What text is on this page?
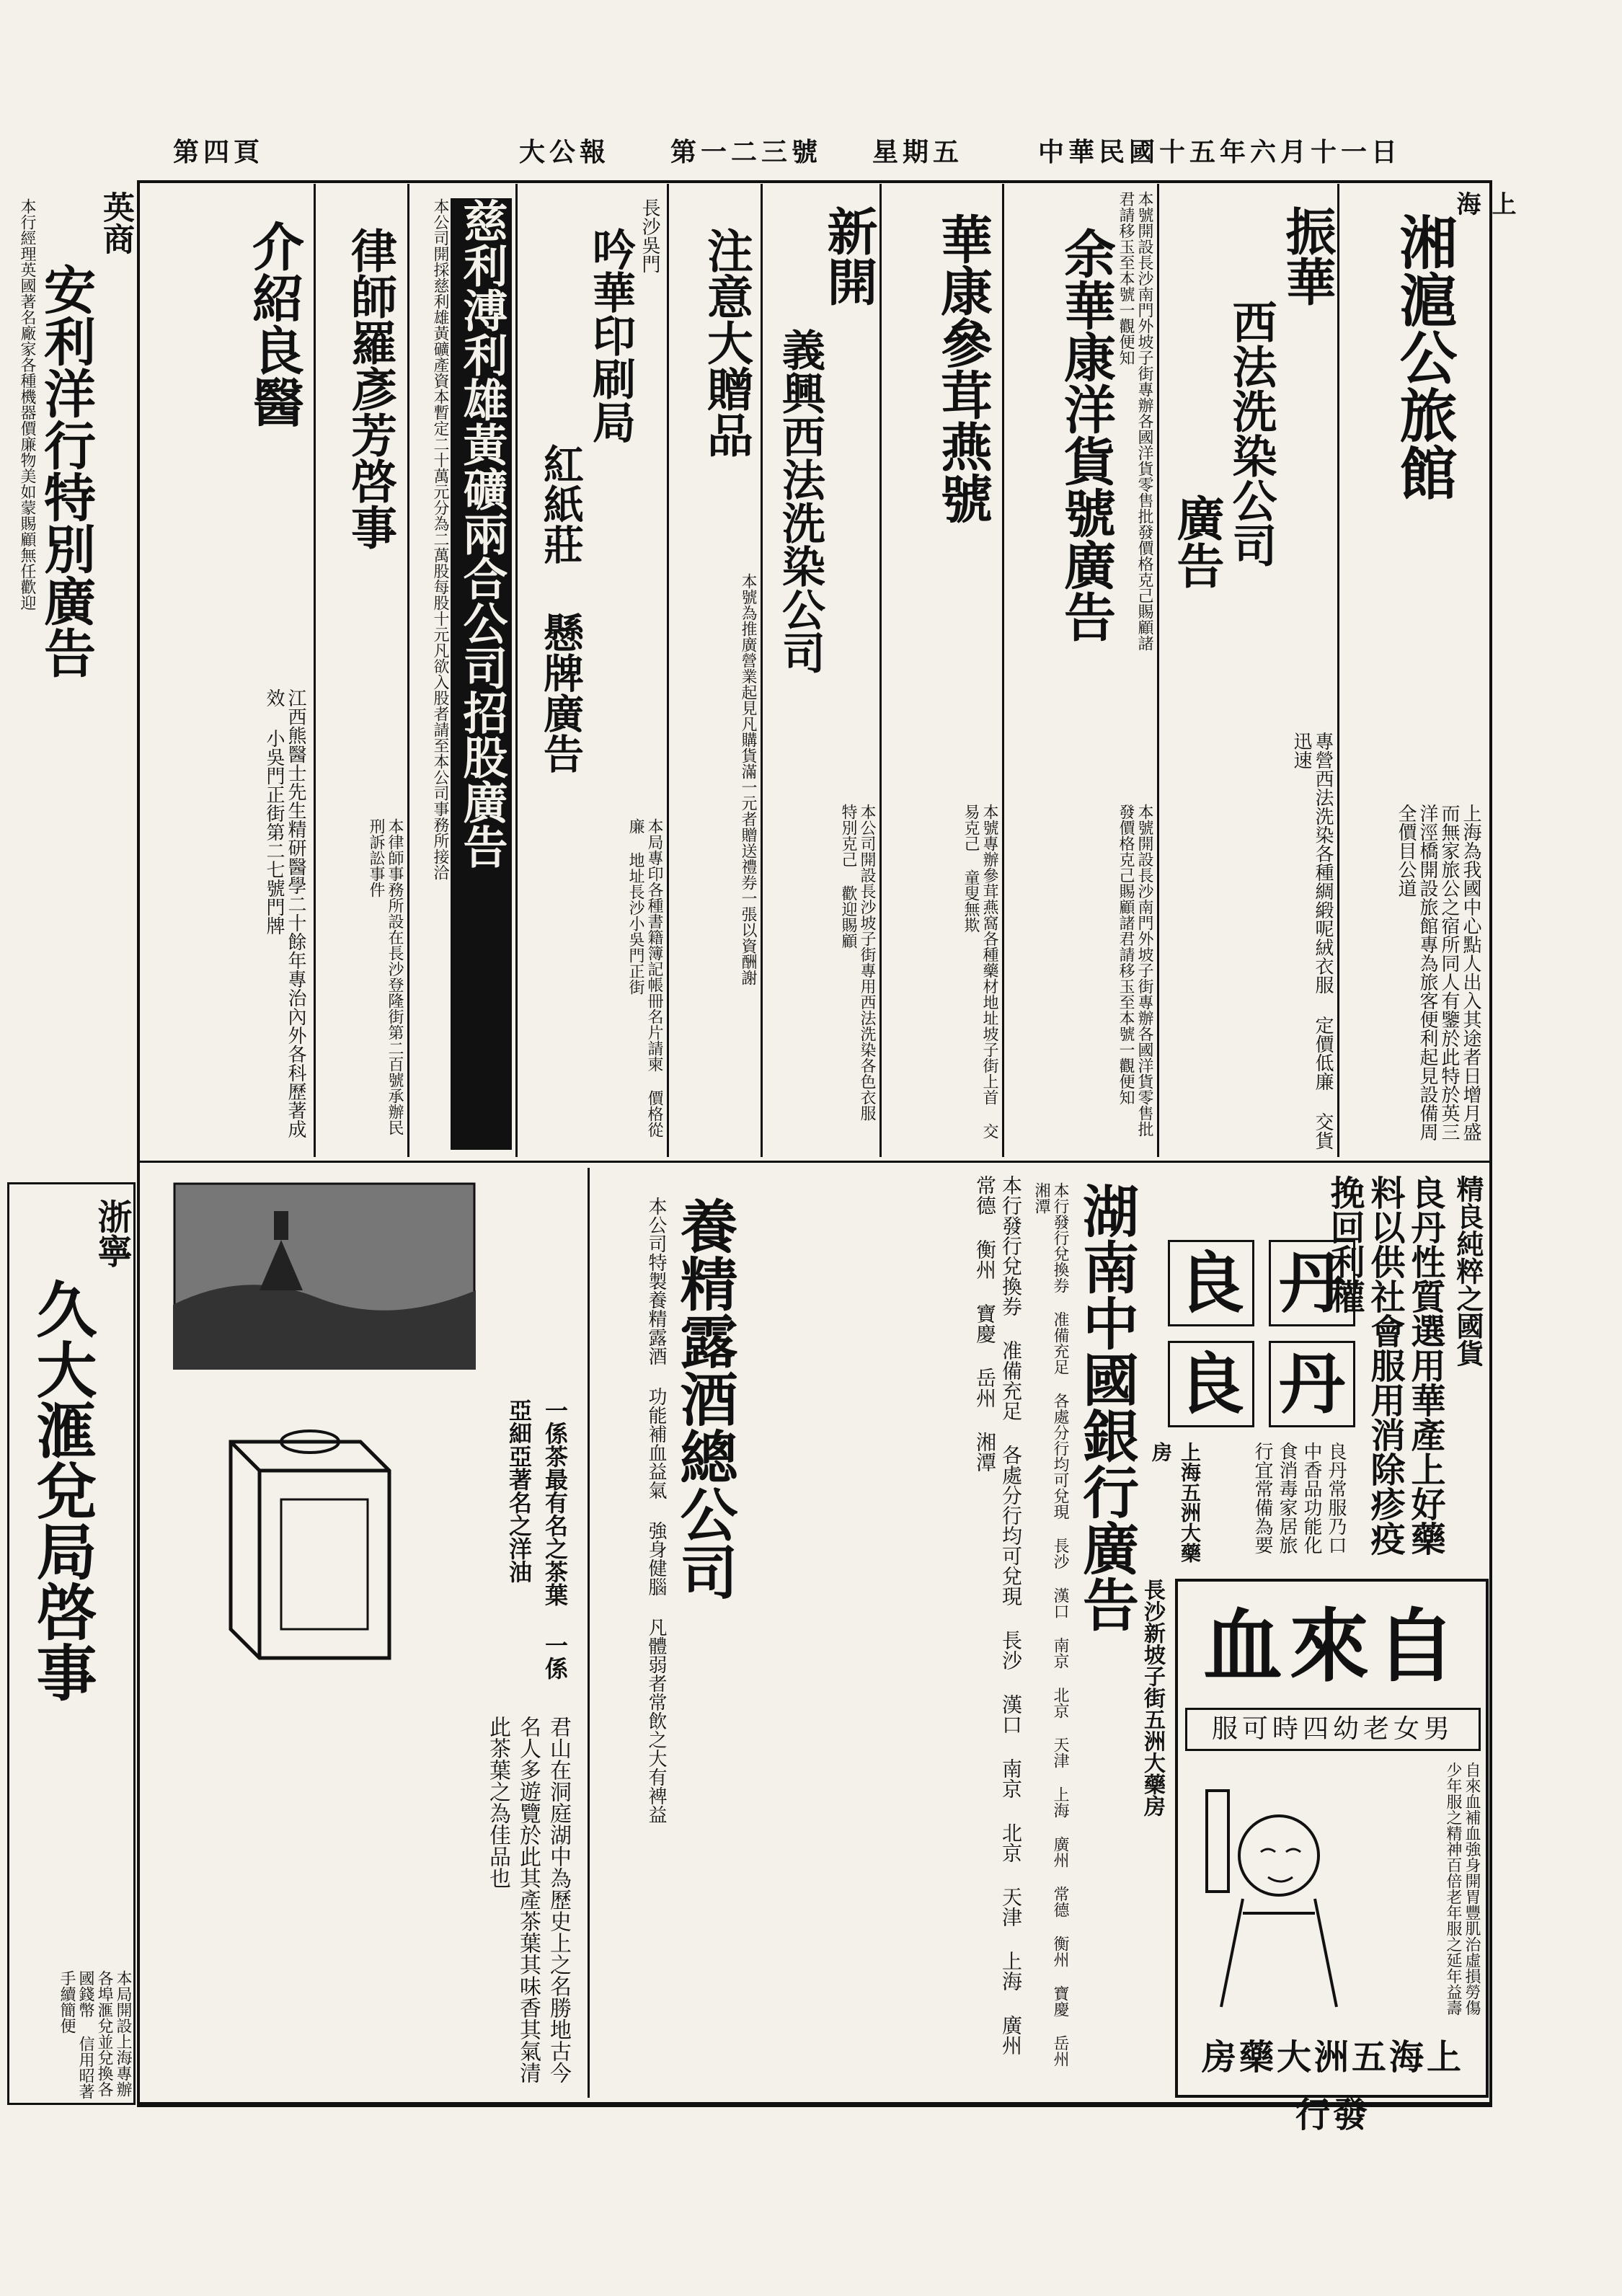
中華民國十五年六月十一日
星期五
大公報 第一二三號
第四頁
上海
湘滬公旅館
上海為我國中心點人出入其途者日增月盛而無家旅公之宿所同人有鑒於此特於英三洋涇橋開設旅館專為旅客便利起見設備周全價目公道
振華
西法洗染公司
廣告
專營西法洗染各種綢緞呢絨衣服 定價低廉 交貨迅速
本號開設長沙南門外坡子街專辦各國洋貨零售批發價格克己賜顧諸君請移玉至本號一觀便知
余華康洋貨號廣告
本號開設長沙南門外坡子街專辦各國洋貨零售批發價格克己賜顧諸君請移玉至本號一觀便知
華康參茸燕號
本號專辦參茸燕窩各種藥材地址坡子街上首 交易克己 童叟無欺
新開
義興西法洗染公司
本公司開設長沙坡子街專用西法洗染各色衣服 特別克己 歡迎賜顧
注意大贈品
本號為推廣營業起見凡購貨滿一元者贈送禮券一張以資酬謝
長沙吳門
吟華印刷局
紅紙莊 懸牌廣告
本局專印各種書籍簿記帳冊名片請柬 價格從廉 地址長沙小吳門正街
慈利溥利雄黃礦兩合公司招股廣告
本公司開採慈利雄黃礦產資本暫定二十萬元分為二萬股每股十元凡欲入股者請至本公司事務所接洽
律師羅彥芳啓事
本律師事務所設在長沙登隆街第二百號承辦民刑訴訟事件
介紹良醫
江西熊醫士先生精研醫學二十餘年專治內外各科歷著成效 小吳門正街第二七號門牌
英商
安利洋行特別廣告
本行經理英國著名廠家各種機器價廉物美如蒙賜顧無任歡迎
浙寧
久大滙兌局啓事
本局開設上海專辦各埠滙兌並兌換各國錢幣 信用昭著 手續簡便
精良純粹之國貨
良丹性質選用華產上好藥料以供社會服用消除疹疫挽回利權
良 丹
良 丹
上海五洲大藥房	良丹常服乃口中香品功能化食消毒家居旅行宜常備為要
湖南中國銀行廣告
本行發行兌換券 准備充足 各處分行均可兌現 長沙 漢口 南京 北京 天津 上海 廣州 常德 衡州 寶慶 岳州 湘潭
本行發行兌換券 准備充足 各處分行均可兌現 長沙 漢口 南京 北京 天津 上海 廣州 常德 衡州 寶慶 岳州 湘潭
自來血
男女老幼四時可服
自來血補血強身開胃豐肌治虛損勞傷少年服之精神百倍老年服之延年益壽
上海五洲大藥房發行
長沙新坡子街五洲大藥房
養精露酒總公司
本公司特製養精露酒 功能補血益氣 強身健腦 凡體弱者常飲之大有裨益
一係茶最有名之茶葉 一係亞細亞著名之洋油
君山在洞庭湖中為歷史上之名勝地古今名人多遊覽於此其產茶葉其味香其氣清此茶葉之為佳品也
